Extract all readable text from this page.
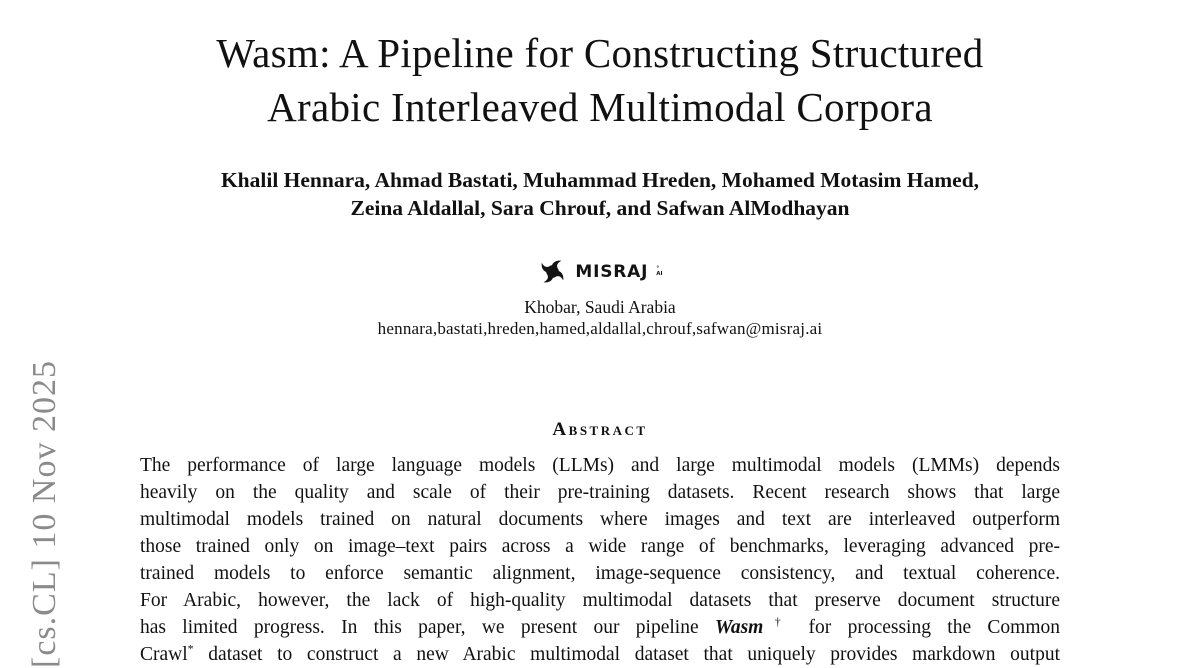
[cs.CL] 10 Nov 2025
Wasm: A Pipeline for Constructing Structured
Arabic Interleaved Multimodal Corpora
Khalil Hennara, Ahmad Bastati, Muhammad Hreden, Mohamed Motasim Hamed,
Zeina Aldallal, Sara Chrouf, and Safwan AlModhayan
MISRAJ °
AI
Khobar, Saudi Arabia
hennara,bastati,hreden,hamed,aldallal,chrouf,safwan@misraj.ai
Abstract
The performance of large language models (LLMs) and large multimodal models (LMMs) depends
heavily on the quality and scale of their pre-training datasets. Recent research shows that large
multimodal models trained on natural documents where images and text are interleaved outperform
those trained only on image–text pairs across a wide range of benchmarks, leveraging advanced pre-
trained models to enforce semantic alignment, image-sequence consistency, and textual coherence.
For Arabic, however, the lack of high-quality multimodal datasets that preserve document structure
has limited progress. In this paper, we present our pipeline Wasm† for processing the Common
Crawl* dataset to construct a new Arabic multimodal dataset that uniquely provides markdown output
